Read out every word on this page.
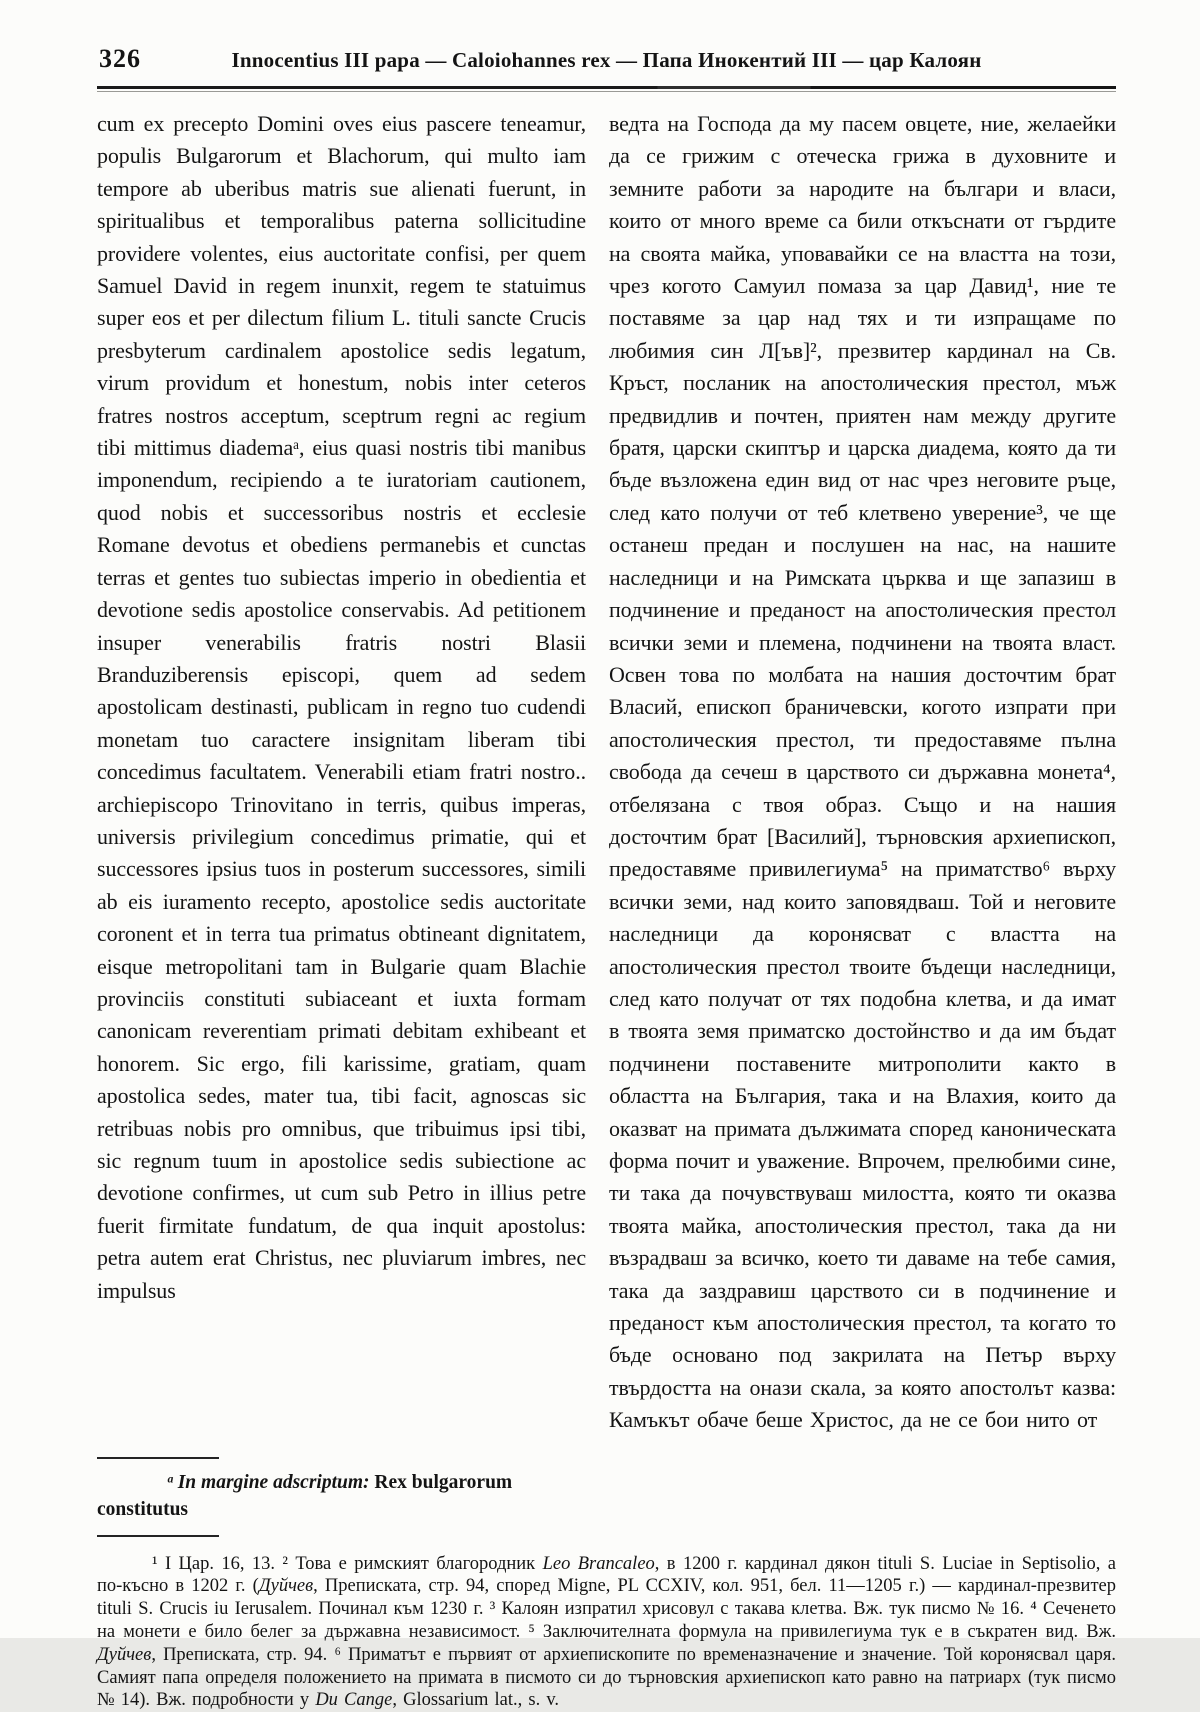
326	Innocentius III papa — Caloiohannes rex — Папа Инокентий III — цар Калоян

cum ex precepto Domini oves eius pascere teneamur, populis Bulgarorum et Blachorum, qui multo iam tempore ab uberibus matris sue alienati fuerunt, in spiritualibus et temporalibus paterna sollicitudine providere volentes, eius auctoritate confisi, per quem Samuel David in regem inunxit, regem te statuimus super eos et per dilectum filium L. tituli sancte Crucis presbyterum cardinalem apostolice sedis legatum, virum providum et honestum, nobis inter ceteros fratres nostros acceptum, sceptrum regni ac regium tibi mittimus diademaᵃ, eius quasi nostris tibi manibus imponendum, recipiendo a te iuratoriam cautionem, quod nobis et successoribus nostris et ecclesie Romane devotus et obediens permanebis et cunctas terras et gentes tuo subiectas imperio in obedientia et devotione sedis apostolice conservabis. Ad petitionem insuper venerabilis fratris nostri Blasii Branduziberensis episcopi, quem ad sedem apostolicam destinasti, publicam in regno tuo cudendi monetam tuo caractere insignitam liberam tibi concedimus facultatem. Venerabili etiam fratri nostro.. archiepiscopo Trinovitano in terris, quibus imperas, universis privilegium concedimus primatie, qui et successores ipsius tuos in posterum successores, simili ab eis iuramento recepto, apostolice sedis auctoritate coronent et in terra tua primatus obtineant dignitatem, eisque metropolitani tam in Bulgarie quam Blachie provinciis constituti subiaceant et iuxta formam canonicam reverentiam primati debitam exhibeant et honorem. Sic ergo, fili karissime, gratiam, quam apostolica sedes, mater tua, tibi facit, agnoscas sic retribuas nobis pro omnibus, que tribuimus ipsi tibi, sic regnum tuum in apostolice sedis subiectione ac devotione confirmes, ut cum sub Petro in illius petre fuerit firmitate fundatum, de qua inquit apostolus: petra autem erat Christus, nec pluviarum imbres, nec impulsus

ведта на Господа да му пасем овцете, ние, желаейки да се грижим с отеческа грижа в духовните и земните работи за народите на българи и власи, които от много време са били откъснати от гърдите на своята майка, уповавайки се на властта на този, чрез когото Самуил помаза за цар Давид¹, ние те поставяме за цар над тях и ти изпращаме по любимия син Л[ъв]², презвитер кардинал на Св. Кръст, посланик на апостолическия престол, мъж предвидлив и почтен, приятен нам между другите братя, царски скиптър и царска диадема, която да ти бъде възложена един вид от нас чрез неговите ръце, след като получи от теб клетвено уверение³, че ще останеш предан и послушен на нас, на нашите наследници и на Римската църква и ще запазиш в подчинение и преданост на апостолическия престол всички земи и племена, подчинени на твоята власт. Освен това по молбата на нашия досточтим брат Власий, епископ браничевски, когото изпрати при апостолическия престол, ти предоставяме пълна свобода да сечеш в царството си държавна монета⁴, отбелязана с твоя образ. Също и на нашия досточтим брат [Василий], търновския архиепископ, предоставяме привилегиума⁵ на приматство⁶ върху всички земи, над които заповядваш. Той и неговите наследници да коронясват с властта на апостолическия престол твоите бъдещи наследници, след като получат от тях подобна клетва, и да имат в твоята земя приматско достойнство и да им бъдат подчинени поставените митрополити както в областта на България, така и на Влахия, които да оказват на примата дължимата според каноническата форма почит и уважение. Впрочем, прелюбими сине, ти така да почувствуваш милостта, която ти оказва твоята майка, апостолическия престол, така да ни възрадваш за всичко, което ти даваме на тебе самия, така да заздравиш царството си в подчинение и преданост към апостолическия престол, та когато то бъде основано под закрилата на Петър върху твърдостта на онази скала, за която апостолът казва: Камъкът обаче беше Христос, да не се бои нито от

ᵃ In margine adscriptum: Rex bulgarorum constitutus

¹ I Цар. 16, 13. ² Това е римският благородник Leo Brancaleo, в 1200 г. кардинал дякон tituli S. Luciae in Septisolio, а по-късно в 1202 г. (Дуйчев, Преписката, стр. 94, според Migne, PL CCXIV, кол. 951, бел. 11—1205 г.) — кардинал-презвитер tituli S. Crucis iu Ierusalem. Починал към 1230 г. ³ Калоян изпратил хрисовул с такава клетва. Вж. тук писмо № 16. ⁴ Сеченето на монети е било белег за държавна независимост. ⁵ Заключителната формула на привилегиума тук е в съкратен вид. Вж. Дуйчев, Преписката, стр. 94. ⁶ Приматът е първият от архиепископите по временазначение и значение. Той коронясвал царя. Самият папа определя положението на примата в писмото си до търновския архиепископ като равно на патриарх (тук писмо № 14). Вж. подробности у Du Cange, Glossarium lat., s. v.
